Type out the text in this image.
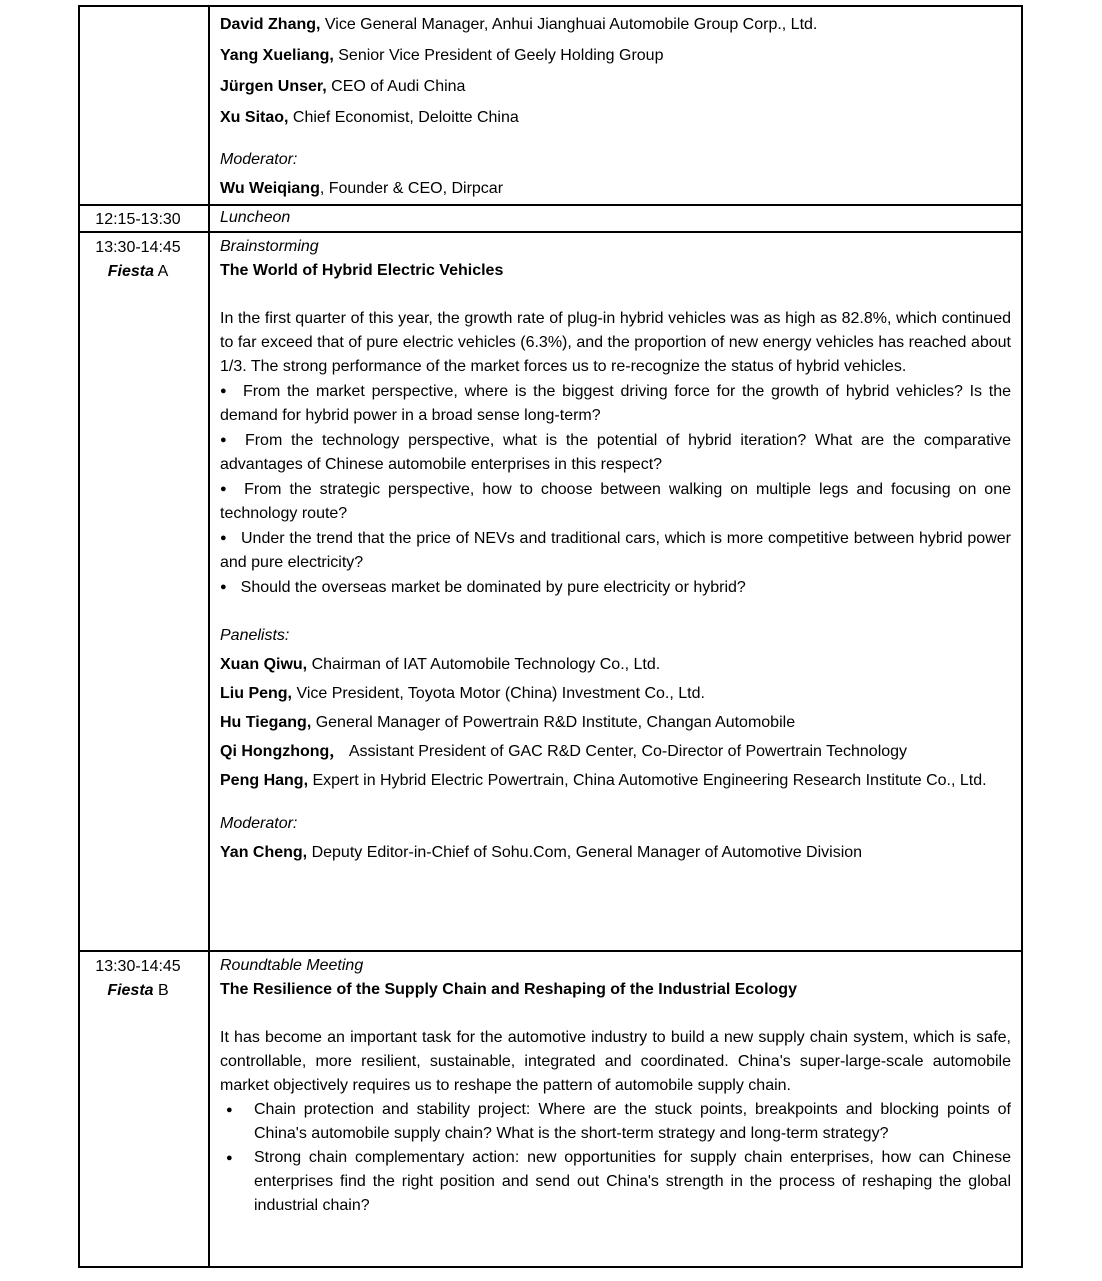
David Zhang, Vice General Manager, Anhui Jianghuai Automobile Group Corp., Ltd.

Yang Xueliang, Senior Vice President of Geely Holding Group

Jürgen Unser, CEO of Audi China

Xu Sitao, Chief Economist, Deloitte China

Moderator:

Wu Weiqiang, Founder & CEO, Dirpcar

12:15-13:30	Luncheon

13:30-14:45
Fiesta A

Brainstorming

The World of Hybrid Electric Vehicles

In the first quarter of this year, the growth rate of plug-in hybrid vehicles was as high as 82.8%, which continued to far exceed that of pure electric vehicles (6.3%), and the proportion of new energy vehicles has reached about 1/3. The strong performance of the market forces us to re-recognize the status of hybrid vehicles.

● From the market perspective, where is the biggest driving force for the growth of hybrid vehicles? Is the demand for hybrid power in a broad sense long-term?

● From the technology perspective, what is the potential of hybrid iteration? What are the comparative advantages of Chinese automobile enterprises in this respect?

● From the strategic perspective, how to choose between walking on multiple legs and focusing on one technology route?

● Under the trend that the price of NEVs and traditional cars, which is more competitive between hybrid power and pure electricity?

● Should the overseas market be dominated by pure electricity or hybrid?

Panelists:

Xuan Qiwu, Chairman of IAT Automobile Technology Co., Ltd.

Liu Peng, Vice President, Toyota Motor (China) Investment Co., Ltd.

Hu Tiegang, General Manager of Powertrain R&D Institute, Changan Automobile

Qi Hongzhong， Assistant President of GAC R&D Center, Co-Director of Powertrain Technology

Peng Hang, Expert in Hybrid Electric Powertrain, China Automotive Engineering Research Institute Co., Ltd.

Moderator:

Yan Cheng, Deputy Editor-in-Chief of Sohu.Com, General Manager of Automotive Division

13:30-14:45
Fiesta B

Roundtable Meeting

The Resilience of the Supply Chain and Reshaping of the Industrial Ecology

It has become an important task for the automotive industry to build a new supply chain system, which is safe, controllable, more resilient, sustainable, integrated and coordinated. China's super-large-scale automobile market objectively requires us to reshape the pattern of automobile supply chain.

● Chain protection and stability project: Where are the stuck points, breakpoints and blocking points of China's automobile supply chain? What is the short-term strategy and long-term strategy?

● Strong chain complementary action: new opportunities for supply chain enterprises, how can Chinese enterprises find the right position and send out China's strength in the process of reshaping the global industrial chain?
